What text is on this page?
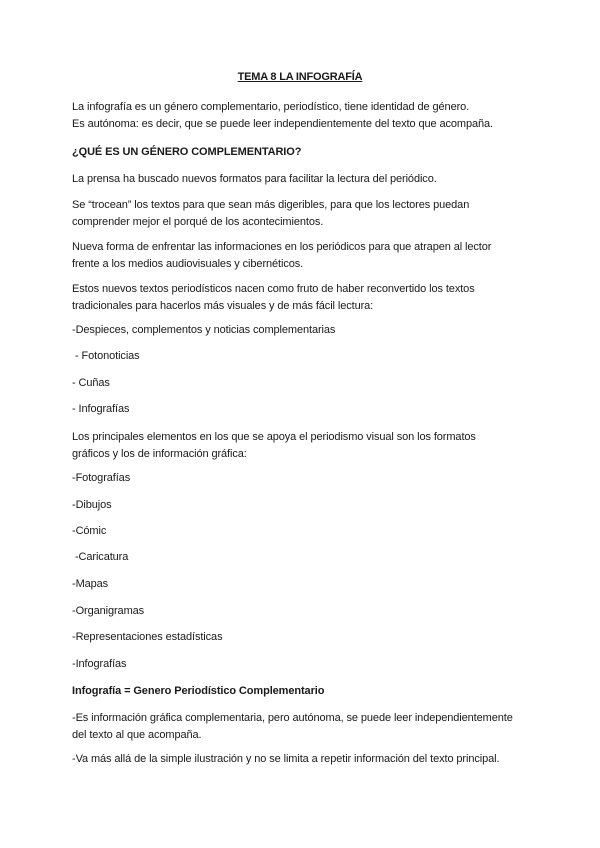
TEMA 8 LA INFOGRAFÍA
La infografía es un género complementario, periodístico, tiene identidad de género.
Es autónoma: es decir, que se puede leer independientemente del texto que acompaña.
¿QUÉ ES UN GÉNERO COMPLEMENTARIO?
La prensa ha buscado nuevos formatos para facilitar la lectura del periódico.
Se “trocean” los textos para que sean más digeribles, para que los lectores puedan
comprender mejor el porqué de los acontecimientos.
Nueva forma de enfrentar las informaciones en los periódicos para que atrapen al lector
frente a los medios audiovisuales y cibernéticos.
Estos nuevos textos periodísticos nacen como fruto de haber reconvertido los textos
tradicionales para hacerlos más visuales y de más fácil lectura:
-Despieces, complementos y noticias complementarias
- Fotonoticias
- Cuñas
- Infografías
Los principales elementos en los que se apoya el periodismo visual son los formatos
gráficos y los de información gráfica:
-Fotografías
-Dibujos
-Cómic
-Caricatura
-Mapas
-Organigramas
-Representaciones estadísticas
-Infografías
Infografía = Genero Periodístico Complementario
-Es información gráfica complementaria, pero autónoma, se puede leer independientemente
del texto al que acompaña.
-Va más allá de la simple ilustración y no se limita a repetir información del texto principal.
